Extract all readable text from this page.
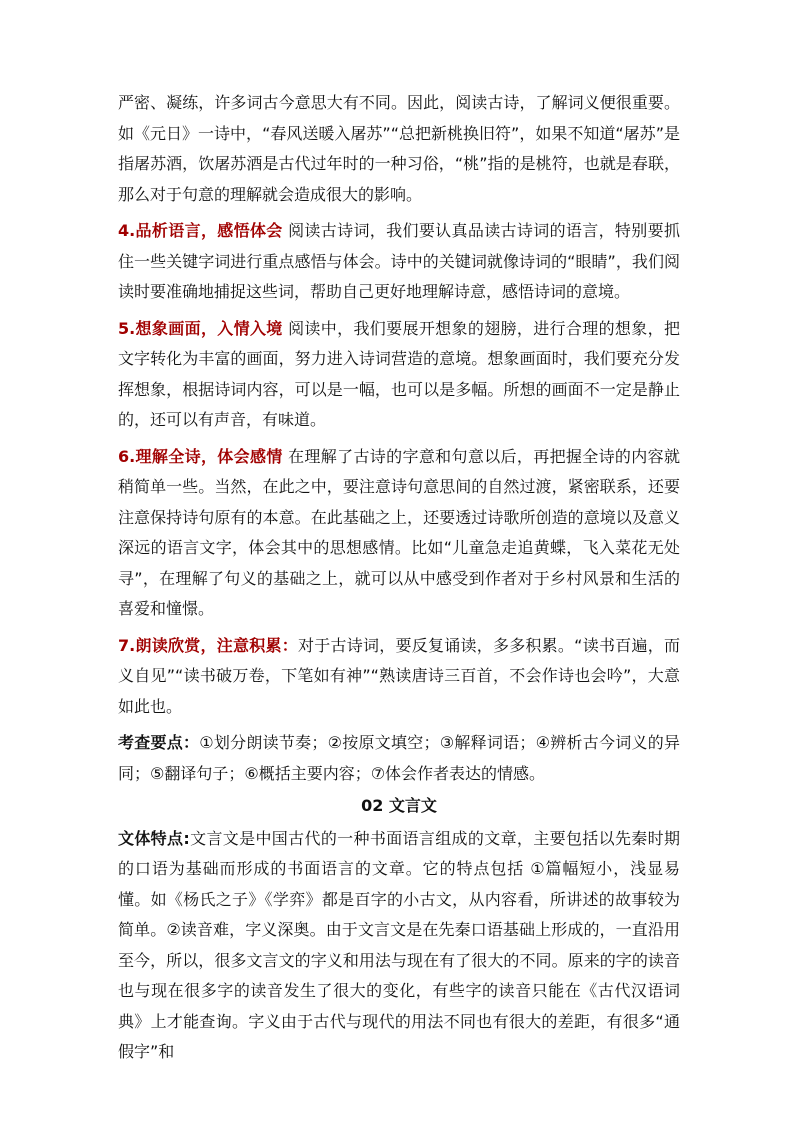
严密、凝练，许多词古今意思大有不同。因此，阅读古诗，了解词义便很重要。如《元日》一诗中，“春风送暖入屠苏”“总把新桃换旧符”，如果不知道“屠苏”是指屠苏酒，饮屠苏酒是古代过年时的一种习俗，“桃”指的是桃符，也就是春联，那么对于句意的理解就会造成很大的影响。

4.品析语言，感悟体会 阅读古诗词，我们要认真品读古诗词的语言，特别要抓住一些关键字词进行重点感悟与体会。诗中的关键词就像诗词的“眼睛”，我们阅读时要准确地捕捉这些词，帮助自己更好地理解诗意，感悟诗词的意境。

5.想象画面，入情入境 阅读中，我们要展开想象的翅膀，进行合理的想象，把文字转化为丰富的画面，努力进入诗词营造的意境。想象画面时，我们要充分发挥想象，根据诗词内容，可以是一幅，也可以是多幅。所想的画面不一定是静止的，还可以有声音，有味道。

6.理解全诗，体会感情 在理解了古诗的字意和句意以后，再把握全诗的内容就稍简单一些。当然，在此之中，要注意诗句意思间的自然过渡，紧密联系，还要注意保持诗句原有的本意。在此基础之上，还要透过诗歌所创造的意境以及意义深远的语言文字，体会其中的思想感情。比如“儿童急走追黄蝶，飞入菜花无处寻”，在理解了句义的基础之上，就可以从中感受到作者对于乡村风景和生活的喜爱和憧憬。

7.朗读欣赏，注意积累：对于古诗词，要反复诵读，多多积累。“读书百遍，而义自见”“读书破万卷，下笔如有神”“熟读唐诗三百首，不会作诗也会吟”，大意如此也。

考查要点：①划分朗读节奏；②按原文填空；③解释词语；④辨析古今词义的异同；⑤翻译句子；⑥概括主要内容；⑦体会作者表达的情感。

02 文言文

文体特点:文言文是中国古代的一种书面语言组成的文章，主要包括以先秦时期的口语为基础而形成的书面语言的文章。它的特点包括 ①篇幅短小，浅显易懂。如《杨氏之子》《学弈》都是百字的小古文，从内容看，所讲述的故事较为简单。②读音难，字义深奥。由于文言文是在先秦口语基础上形成的，一直沿用至今，所以，很多文言文的字义和用法与现在有了很大的不同。原来的字的读音也与现在很多字的读音发生了很大的变化，有些字的读音只能在《古代汉语词典》上才能查询。字义由于古代与现代的用法不同也有很大的差距，有很多“通假字”和
